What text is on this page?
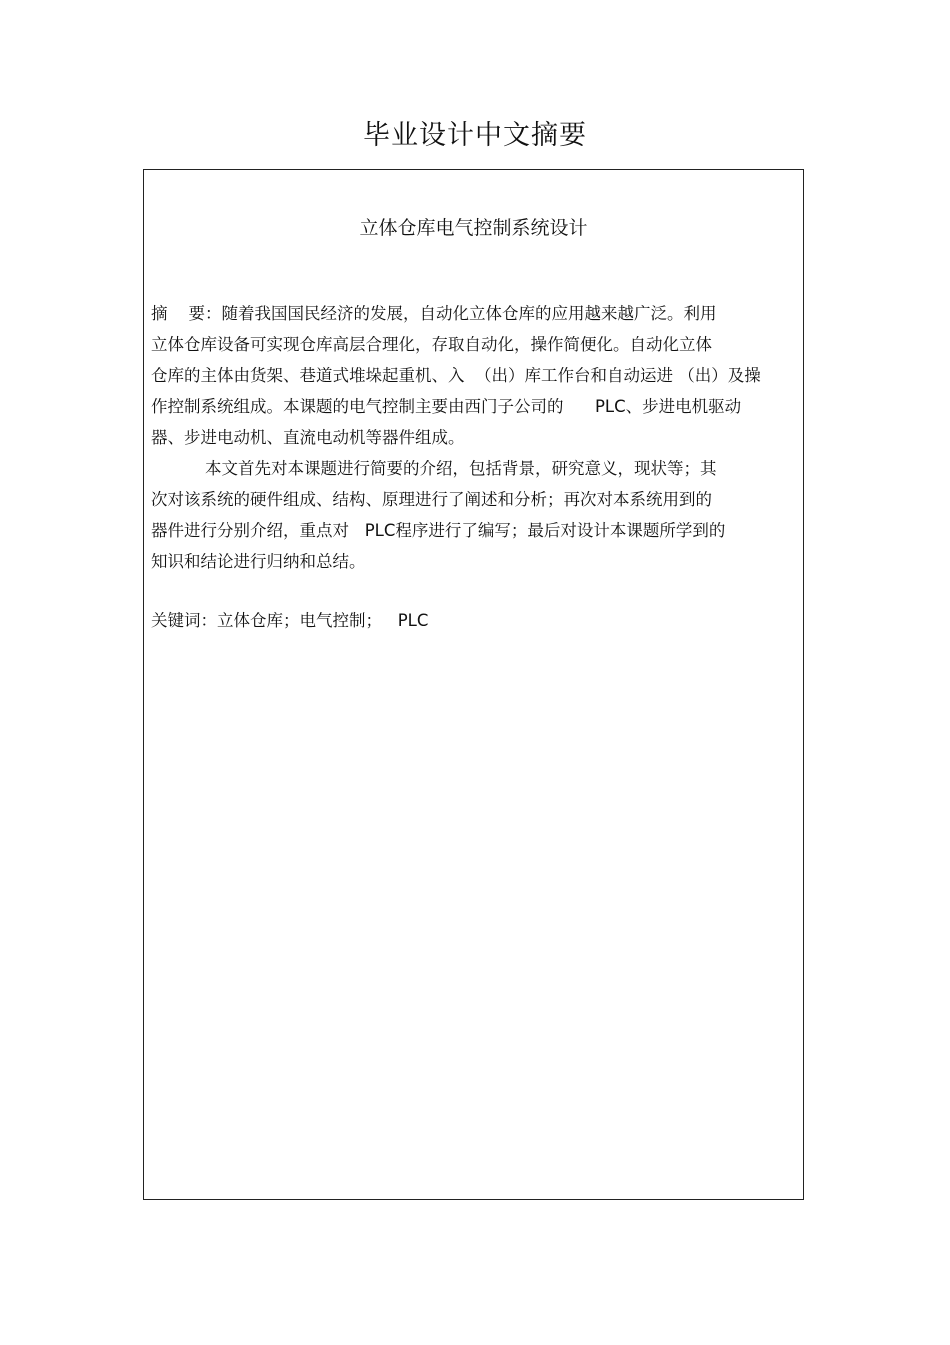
毕业设计中文摘要
立体仓库电气控制系统设计
摘    要：随着我国国民经济的发展，自动化立体仓库的应用越来越广泛。利用
立体仓库设备可实现仓库高层合理化，存取自动化，操作简便化。自动化立体
仓库的主体由货架、巷道式堆垛起重机、入  （出）库工作台和自动运进 （出）及操
作控制系统组成。本课题的电气控制主要由西门子公司的      PLC、步进电机驱动
器、步进电动机、直流电动机等器件组成。
本文首先对本课题进行简要的介绍，包括背景，研究意义，现状等；其
次对该系统的硬件组成、结构、原理进行了阐述和分析；再次对本系统用到的
器件进行分别介绍，重点对   PLC程序进行了编写；最后对设计本课题所学到的
知识和结论进行归纳和总结。
关键词：立体仓库；电气控制；   PLC
